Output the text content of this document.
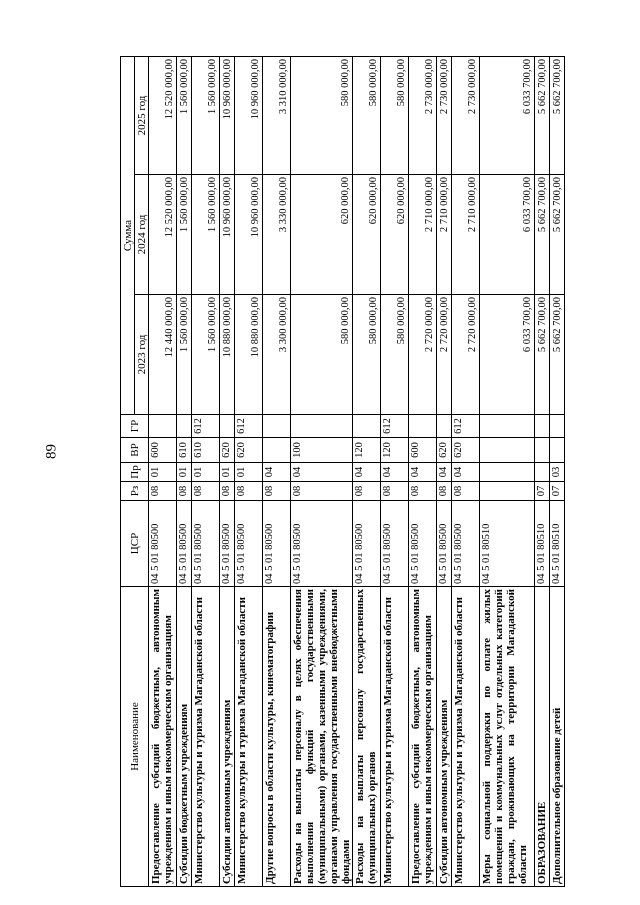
89
Наименование	ЦСР	Рз	Пр	ВР	ГР	Сумма		
						2023 год	2024 год	2025 год
Предоставление субсидий бюджетным, автономным учреждениям и иным некоммерческим организациям	04 5 01 80500	08	01	600		12 440 000,00	12 520 000,00	12 520 000,00
Субсидии бюджетным учреждениям	04 5 01 80500	08	01	610		1 560 000,00	1 560 000,00	1 560 000,00
Министерство культуры и туризма Магаданской области	04 5 01 80500	08	01	610	612	1 560 000,00	1 560 000,00	1 560 000,00
Субсидии автономным учреждениям	04 5 01 80500	08	01	620		10 880 000,00	10 960 000,00	10 960 000,00
Министерство культуры и туризма Магаданской области	04 5 01 80500	08	01	620	612	10 880 000,00	10 960 000,00	10 960 000,00
Другие вопросы в области культуры, кинематографии	04 5 01 80500	08	04			3 300 000,00	3 330 000,00	3 310 000,00
Расходы на выплаты персоналу в целях обеспечения выполнения функций государственными (муниципальными) органами, казенными учреждениями, органами управления государственными внебюджетными фондами	04 5 01 80500	08	04	100		580 000,00	620 000,00	580 000,00
Расходы на выплаты персоналу государственных (муниципальных) органов	04 5 01 80500	08	04	120		580 000,00	620 000,00	580 000,00
Министерство культуры и туризма Магаданской области	04 5 01 80500	08	04	120	612	580 000,00	620 000,00	580 000,00
Предоставление субсидий бюджетным, автономным учреждениям и иным некоммерческим организациям	04 5 01 80500	08	04	600		2 720 000,00	2 710 000,00	2 730 000,00
Субсидии автономным учреждениям	04 5 01 80500	08	04	620		2 720 000,00	2 710 000,00	2 730 000,00
Министерство культуры и туризма Магаданской области	04 5 01 80500	08	04	620	612	2 720 000,00	2 710 000,00	2 730 000,00
Меры социальной поддержки по оплате жилых помещений и коммунальных услуг отдельных категорий граждан, проживающих на территории Магаданской области	04 5 01 80510					6 033 700,00	6 033 700,00	6 033 700,00
ОБРАЗОВАНИЕ	04 5 01 80510	07				5 662 700,00	5 662 700,00	5 662 700,00
Дополнительное образование детей	04 5 01 80510	07	03			5 662 700,00	5 662 700,00	5 662 700,00
